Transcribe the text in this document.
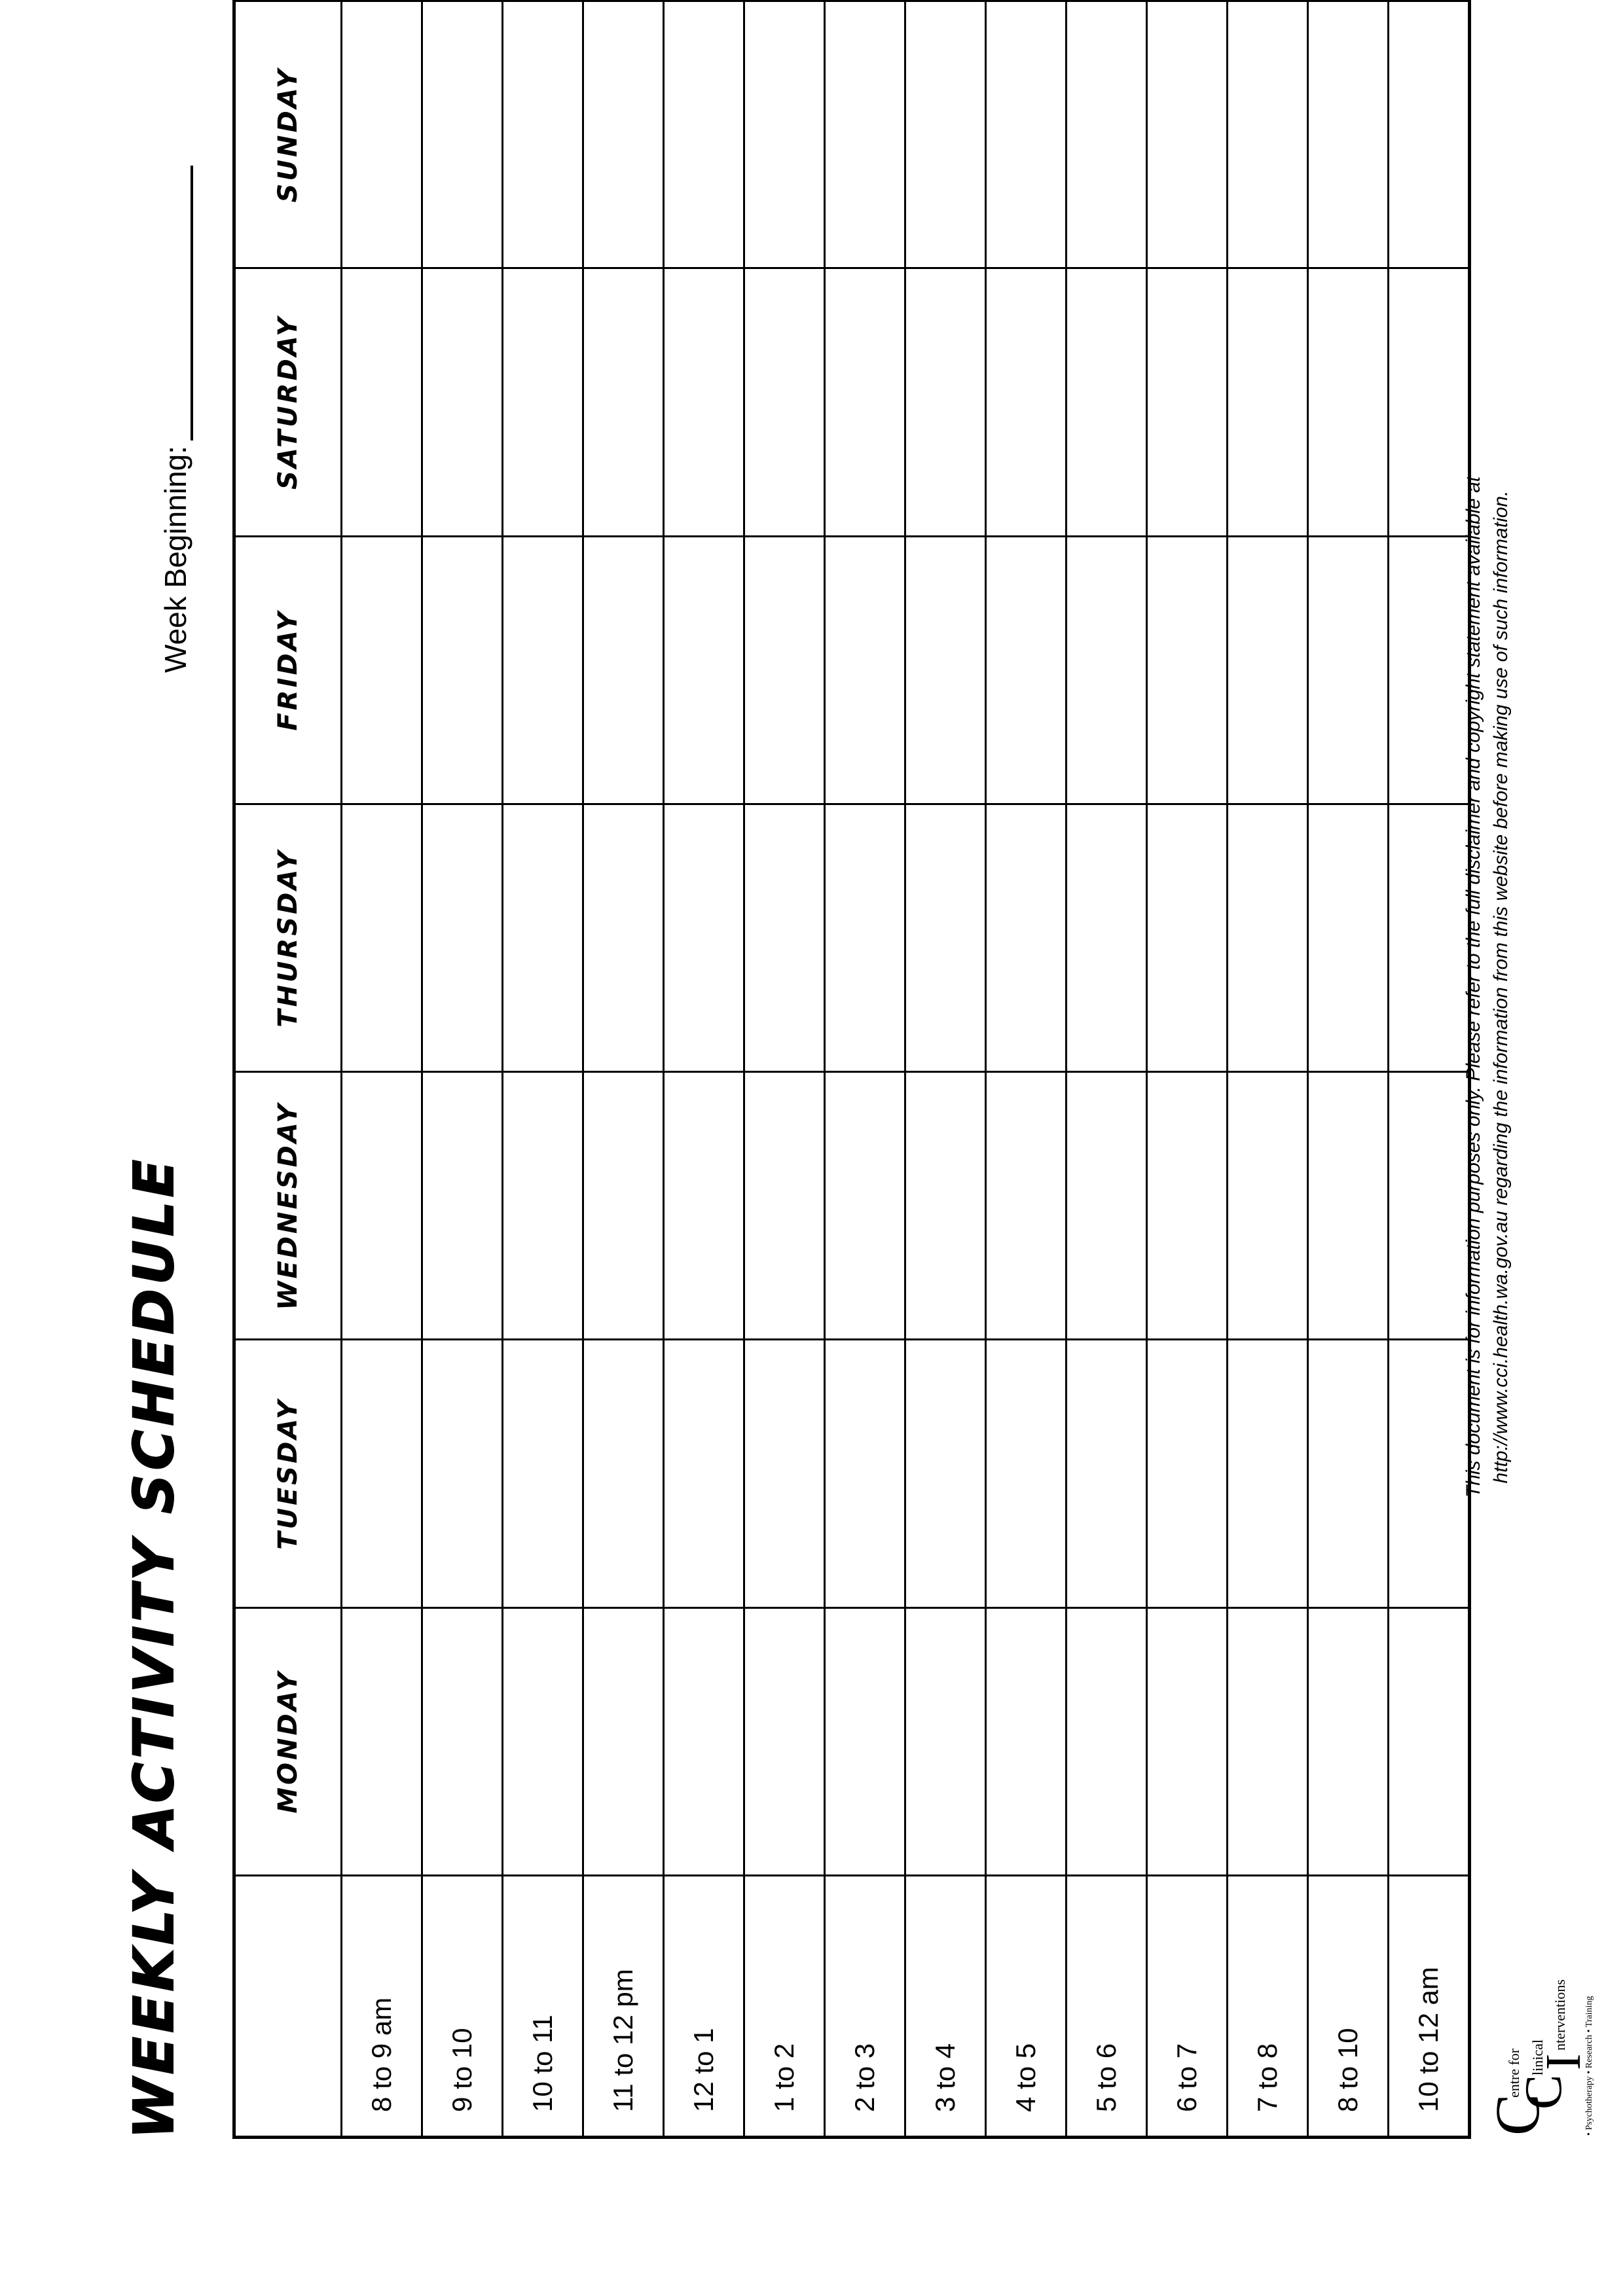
WEEKLY ACTIVITY SCHEDULE
Week Beginning:
	MONDAY	TUESDAY	WEDNESDAY	THURSDAY	FRIDAY	SATURDAY	SUNDAY
8 to 9 am							
9 to 10							
10 to 11							
11 to 12 pm							
12 to 1							
1 to 2							
2 to 3							
3 to 4							
4 to 5							
5 to 6							
6 to 7							
7 to 8							
8 to 10							
10 to 12 am							
C
entre for
C
linical
I
nterventions • Psychotherapy • Research • Training
This document is for information purposes only. Please refer to the full disclaimer and copyright statement available at http://www.cci.health.wa.gov.au regarding the information from this website before making use of such information.
